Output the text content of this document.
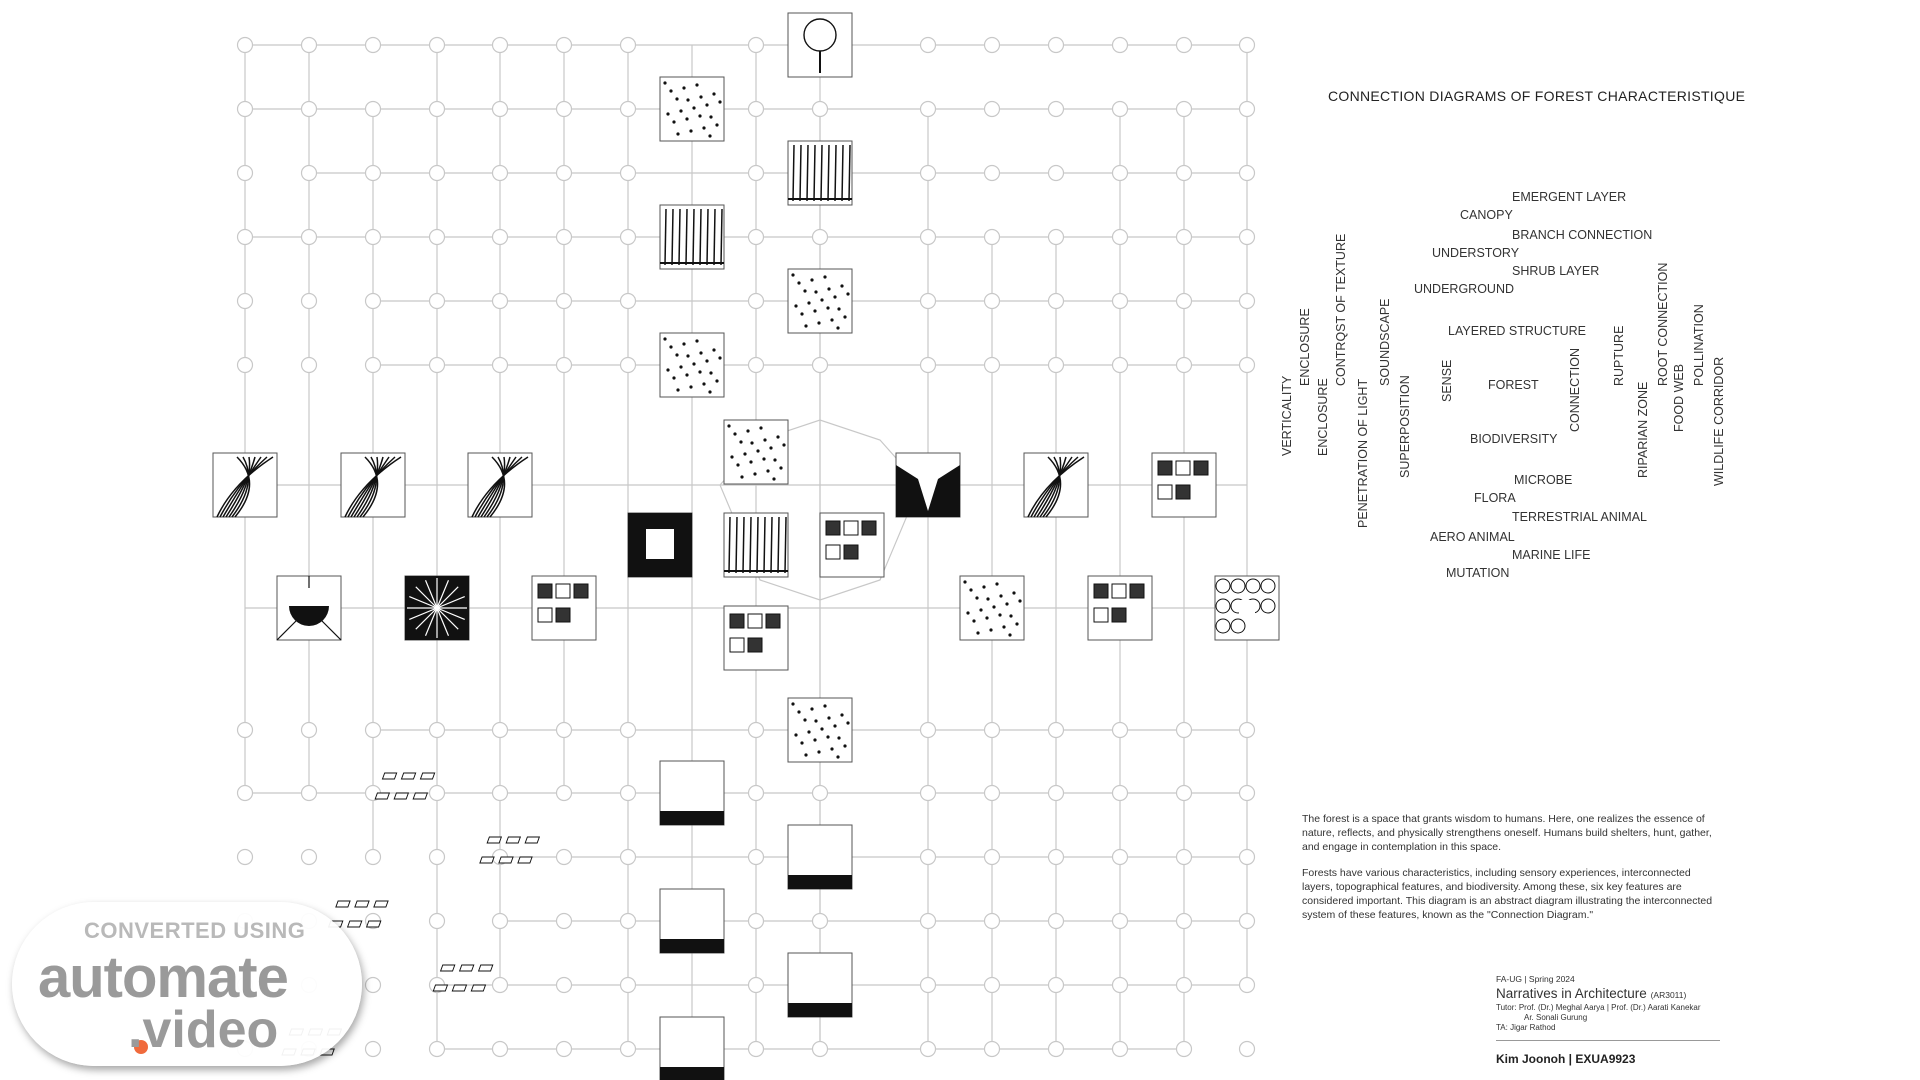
CONNECTION DIAGRAMS OF FOREST CHARACTERISTIQUE
EMERGENT LAYER
CANOPY
BRANCH CONNECTION
UNDERSTORY
SHRUB LAYER
UNDERGROUND
LAYERED STRUCTURE
FOREST
BIODIVERSITY
MICROBE
FLORA
TERRESTRIAL ANIMAL
AERO ANIMAL
MARINE LIFE
MUTATION
VERTICALITY
ENCLOSURE
ENCLOSURE
CONTRQST OF TEXTURE
PENETRATION OF LIGHT
SOUNDSCAPE
SUPERPOSITION SENSE	CONNECTION RUPTURE ROOT CONNECTION
RIPARIAN ZONE FOOD WEB
POLLINATION
WILDLIFE CORRIDOR
The forest is a space that grants wisdom to humans. Here, one realizes the essence of nature, reflects, and physically strengthens oneself. Humans build shelters, hunt, gather, and engage in contemplation in this space.
Forests have various characteristics, including sensory experiences, interconnected layers, topographical features, and biodiversity. Among these, six key features are considered important. This diagram is an abstract diagram illustrating the interconnected system of these features, known as the "Connection Diagram."
FA-UG | Spring 2024
Narratives in Architecture (AR3011)
Tutor: Prof. (Dr.) Meghal Aarya | Prof. (Dr.) Aarati Kanekar
Ar. Sonali Gurung
TA: Jigar Rathod
Kim Joonoh | EXUA9923
CONVERTED USING
automate
.video
